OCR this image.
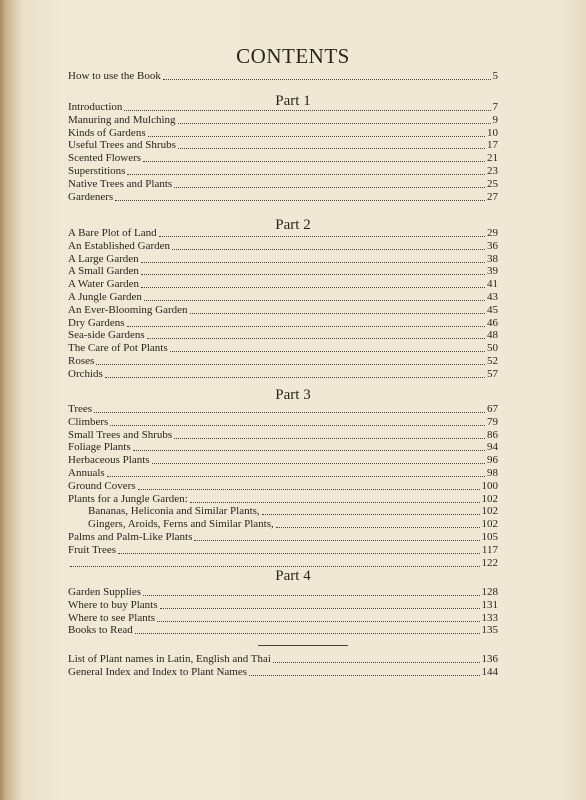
CONTENTS
How to use the Book	5
Part 1
Introduction	7
Manuring and Mulching	9
Kinds of Gardens	10
Useful Trees and Shrubs	17
Scented Flowers	21
Superstitions	23
Native Trees and Plants	25
Gardeners	27
Part 2
A Bare Plot of Land	29
An Established Garden	36
A Large Garden	38
A Small Garden	39
A Water Garden	41
A Jungle Garden	43
An Ever-Blooming Garden	45
Dry Gardens	46
Sea-side Gardens	48
The Care of Pot Plants	50
Roses	52
Orchids	57
Part 3
Trees	67
Climbers	79
Small Trees and Shrubs	86
Foliage Plants	94
Herbaceous Plants	96
Annuals	98
Ground Covers	100
Plants for a Jungle Garden:	102
Bananas, Heliconia and Similar Plants,	102
Gingers, Aroids, Ferns and Similar Plants,	102
Palms and Palm-Like Plants	105
Fruit Trees	117
122
Part 4
Garden Supplies	128
Where to buy Plants	131
Where to see Plants	133
Books to Read	135
List of Plant names in Latin, English and Thai	136
General Index and Index to Plant Names	144
